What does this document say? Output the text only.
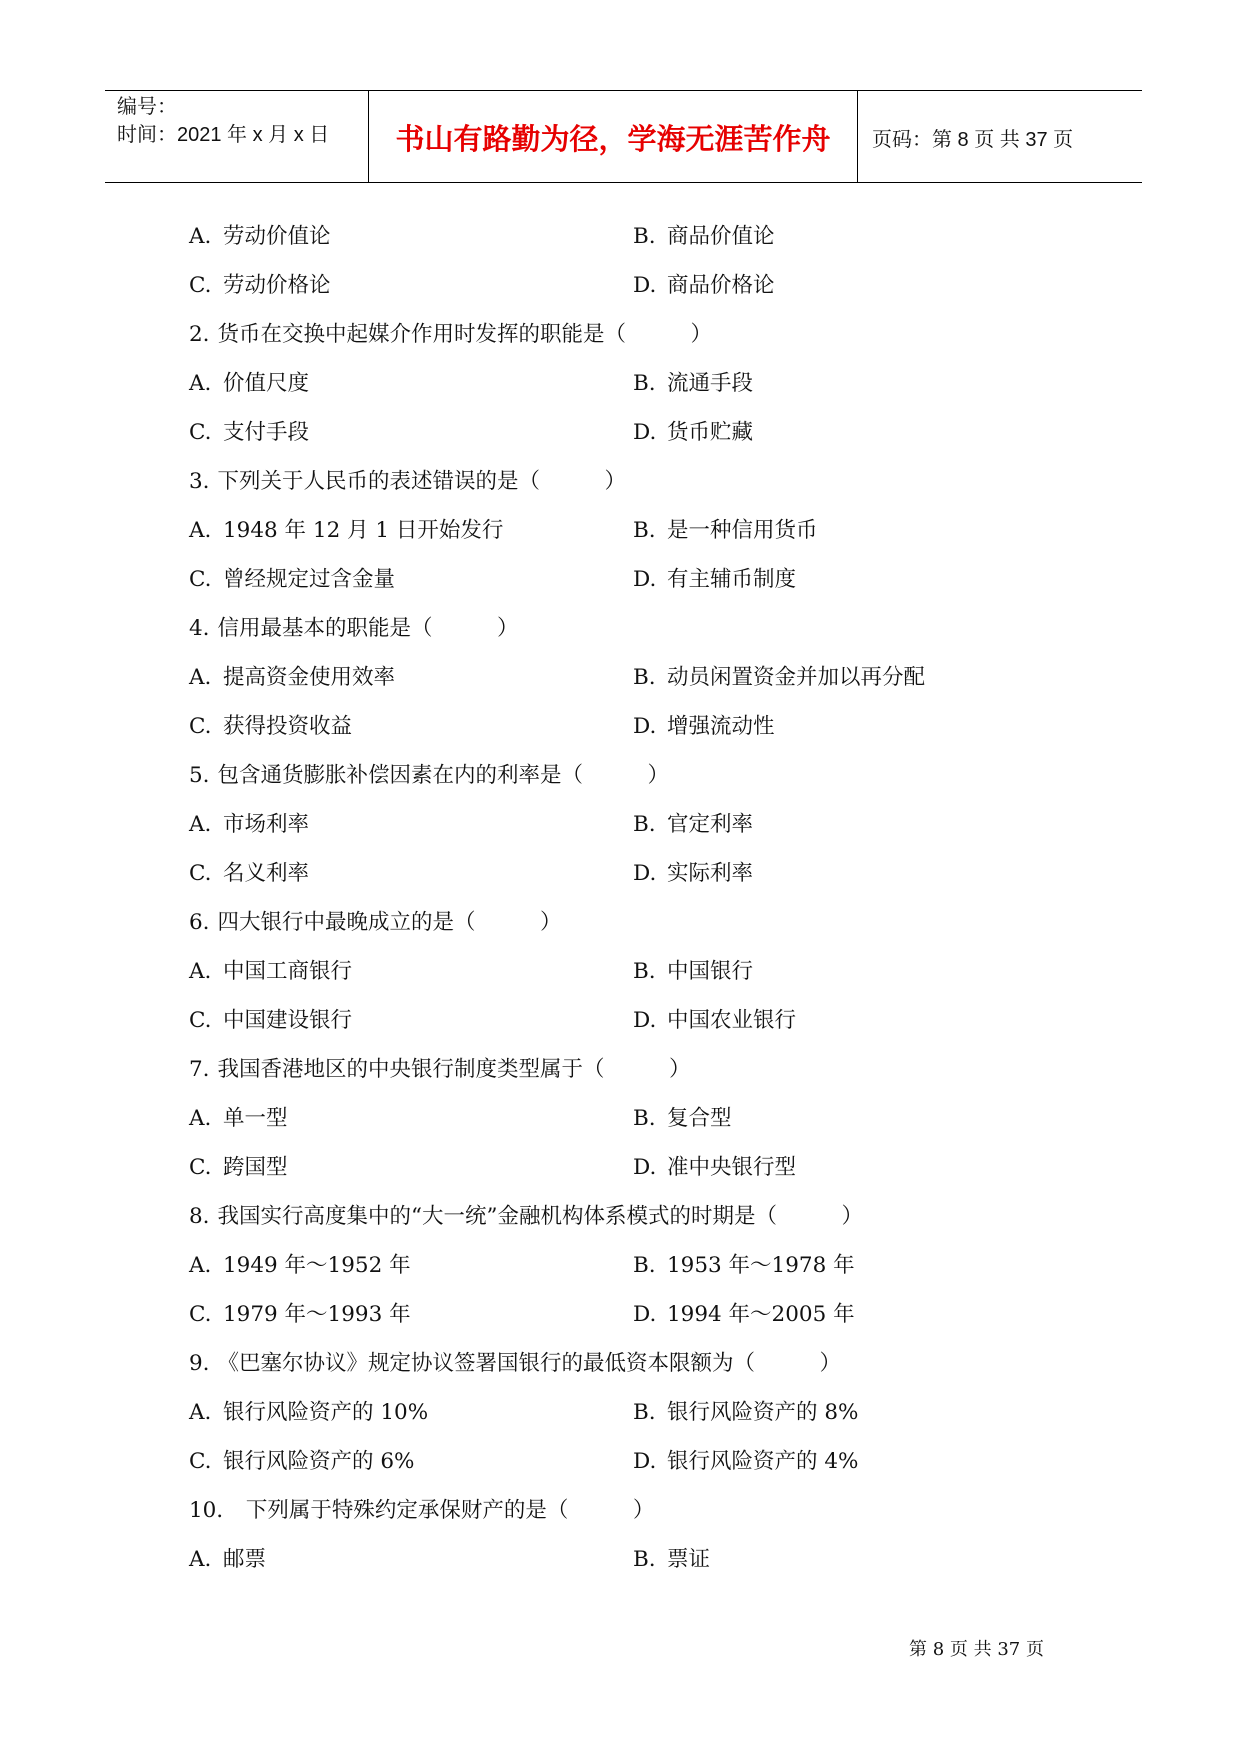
编号：
时间：2021 年 x 月 x 日 书山有路勤为径，学海无涯苦作舟 页码：第 8 页 共 37 页
A. 劳动价值论	B. 商品价值论
C. 劳动价格论	D. 商品价格论
2. 货币在交换中起媒介作用时发挥的职能是（　　　）
A. 价值尺度	B. 流通手段
C. 支付手段	D. 货币贮藏
3. 下列关于人民币的表述错误的是（　　　）
A. 1948 年 12 月 1 日开始发行	B. 是一种信用货币
C. 曾经规定过含金量	D. 有主辅币制度
4. 信用最基本的职能是（　　　）
A. 提高资金使用效率	B. 动员闲置资金并加以再分配
C. 获得投资收益	D. 增强流动性
5. 包含通货膨胀补偿因素在内的利率是（　　　）
A. 市场利率	B. 官定利率
C. 名义利率	D. 实际利率
6. 四大银行中最晚成立的是（　　　）
A. 中国工商银行	B. 中国银行
C. 中国建设银行	D. 中国农业银行
7. 我国香港地区的中央银行制度类型属于（　　　）
A. 单一型	B. 复合型
C. 跨国型	D. 准中央银行型
8. 我国实行高度集中的“大一统”金融机构体系模式的时期是（　　　）
A. 1949 年～1952 年	B. 1953 年～1978 年
C. 1979 年～1993 年	D. 1994 年～2005 年
9. 《巴塞尔协议》规定协议签署国银行的最低资本限额为（　　　）
A. 银行风险资产的 10%	B. 银行风险资产的 8%
C. 银行风险资产的 6%	D. 银行风险资产的 4%
10． 下列属于特殊约定承保财产的是（　　　）
A. 邮票	B. 票证
第 8 页 共 37 页
